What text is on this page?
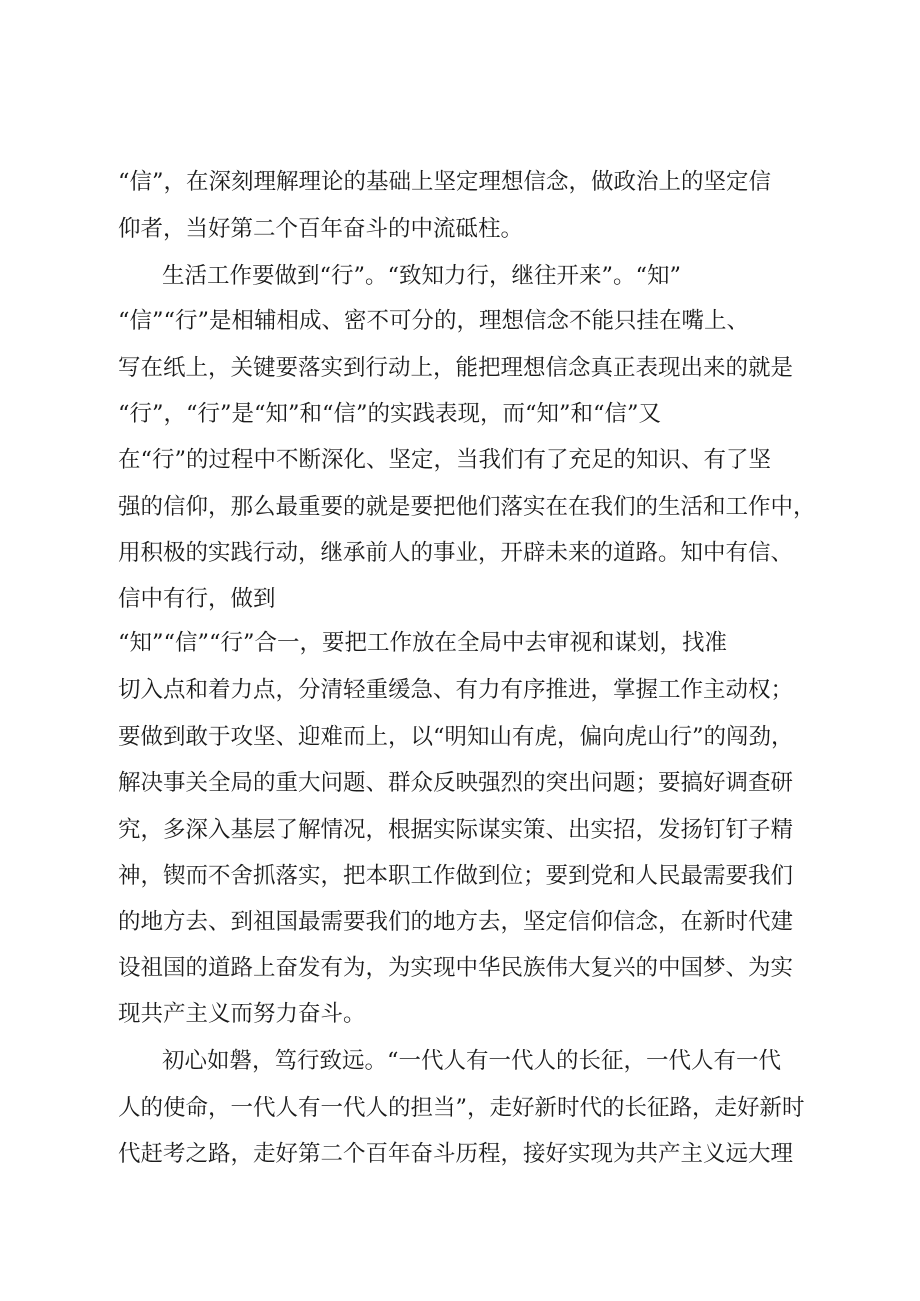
“信”，在深刻理解理论的基础上坚定理想信念，做政治上的坚定信

仰者，当好第二个百年奋斗的中流砥柱。

生活工作要做到“行”。“致知力行，继往开来”。“知”

“信”“行”是相辅相成、密不可分的，理想信念不能只挂在嘴上、

写在纸上，关键要落实到行动上，能把理想信念真正表现出来的就是

“行”，“行”是“知”和“信”的实践表现，而“知”和“信”又

在“行”的过程中不断深化、坚定，当我们有了充足的知识、有了坚

强的信仰，那么最重要的就是要把他们落实在在我们的生活和工作中，

用积极的实践行动，继承前人的事业，开辟未来的道路。知中有信、

信中有行，做到

“知”“信”“行”合一，要把工作放在全局中去审视和谋划，找准

切入点和着力点，分清轻重缓急、有力有序推进，掌握工作主动权；

要做到敢于攻坚、迎难而上，以“明知山有虎，偏向虎山行”的闯劲，

解决事关全局的重大问题、群众反映强烈的突出问题；要搞好调查研

究，多深入基层了解情况，根据实际谋实策、出实招，发扬钉钉子精

神，锲而不舍抓落实，把本职工作做到位；要到党和人民最需要我们

的地方去、到祖国最需要我们的地方去，坚定信仰信念，在新时代建

设祖国的道路上奋发有为，为实现中华民族伟大复兴的中国梦、为实

现共产主义而努力奋斗。

初心如磐，笃行致远。“一代人有一代人的长征，一代人有一代

人的使命，一代人有一代人的担当”，走好新时代的长征路，走好新时

代赶考之路，走好第二个百年奋斗历程，接好实现为共产主义远大理
